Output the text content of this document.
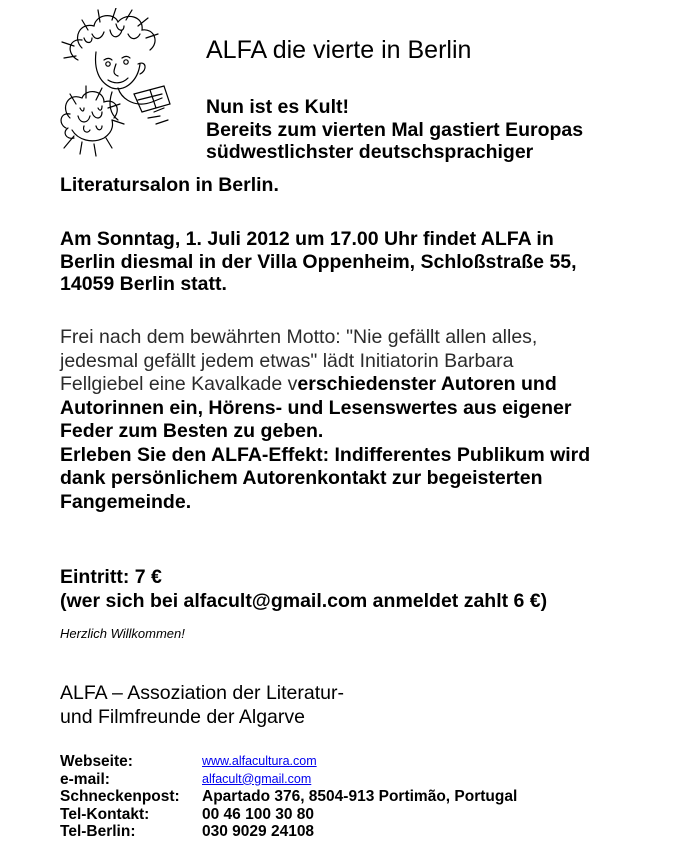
ALFA die vierte in Berlin
Nun ist es Kult!
Bereits zum vierten Mal gastiert Europas
südwestlichster deutschsprachiger
Literatursalon in Berlin.
Am Sonntag, 1. Juli 2012 um 17.00 Uhr findet ALFA in
Berlin diesmal in der Villa Oppenheim, Schloßstraße 55,
14059 Berlin statt.
Frei nach dem bewährten Motto: "Nie gefällt allen alles,
jedesmal gefällt jedem etwas" lädt Initiatorin Barbara
Fellgiebel eine Kavalkade verschiedenster Autoren und
Autorinnen ein, Hörens- und Lesenswertes aus eigener
Feder zum Besten zu geben.
Erleben Sie den ALFA-Effekt: Indifferentes Publikum wird
dank persönlichem Autorenkontakt zur begeisterten
Fangemeinde.
Eintritt: 7 €
(wer sich bei alfacult@gmail.com anmeldet zahlt 6 €)
Herzlich Willkommen!
ALFA – Assoziation der Literatur-
und Filmfreunde der Algarve
Webseite:	www.alfacultura.com
e-mail:	alfacult@gmail.com
Schneckenpost: Apartado 376, 8504-913 Portimão, Portugal
Tel-Kontakt:	00 46 100 30 80
Tel-Berlin:	030 9029 24108
